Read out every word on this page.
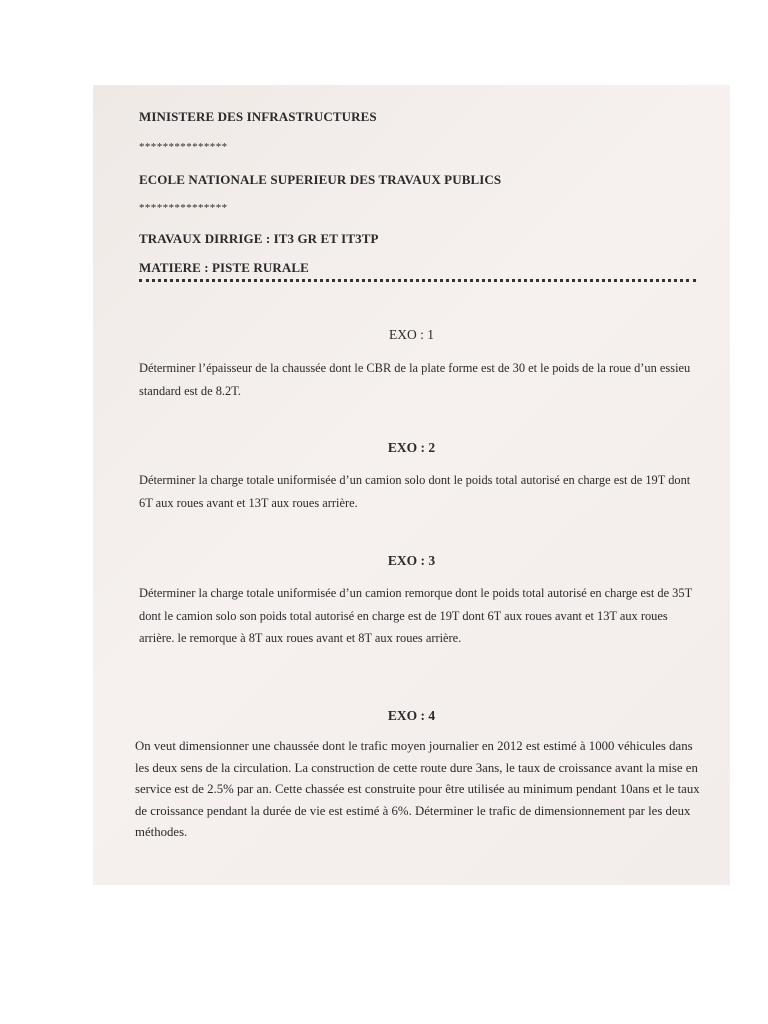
MINISTERE DES INFRASTRUCTURES
***************
ECOLE NATIONALE SUPERIEUR DES TRAVAUX PUBLICS
***************
TRAVAUX DIRRIGE : IT3 GR ET IT3TP
MATIERE : PISTE RURALE
EXO : 1
Déterminer l’épaisseur de la chaussée dont le CBR de la plate forme est de 30 et le poids de la roue d’un essieu standard est de 8.2T.
EXO : 2
Déterminer la charge totale uniformisée d’un camion solo dont le poids total autorisé en charge est de 19T dont 6T aux roues avant et 13T aux roues arrière.
EXO : 3
Déterminer la charge totale uniformisée d’un camion remorque dont le poids total autorisé en charge est de 35T dont le camion solo son poids total autorisé en charge est de 19T dont 6T aux roues avant et 13T aux roues arrière. le remorque à 8T aux roues avant et 8T aux roues arrière.
EXO : 4
On veut dimensionner une chaussée dont le trafic moyen journalier en 2012 est estimé à 1000 véhicules dans les deux sens de la circulation. La construction de cette route dure 3ans, le taux de croissance avant la mise en service est de 2.5% par an. Cette chassée est construite pour être utilisée au minimum pendant 10ans et le taux de croissance pendant la durée de vie est estimé à 6%. Déterminer le trafic de dimensionnement par les deux méthodes.
